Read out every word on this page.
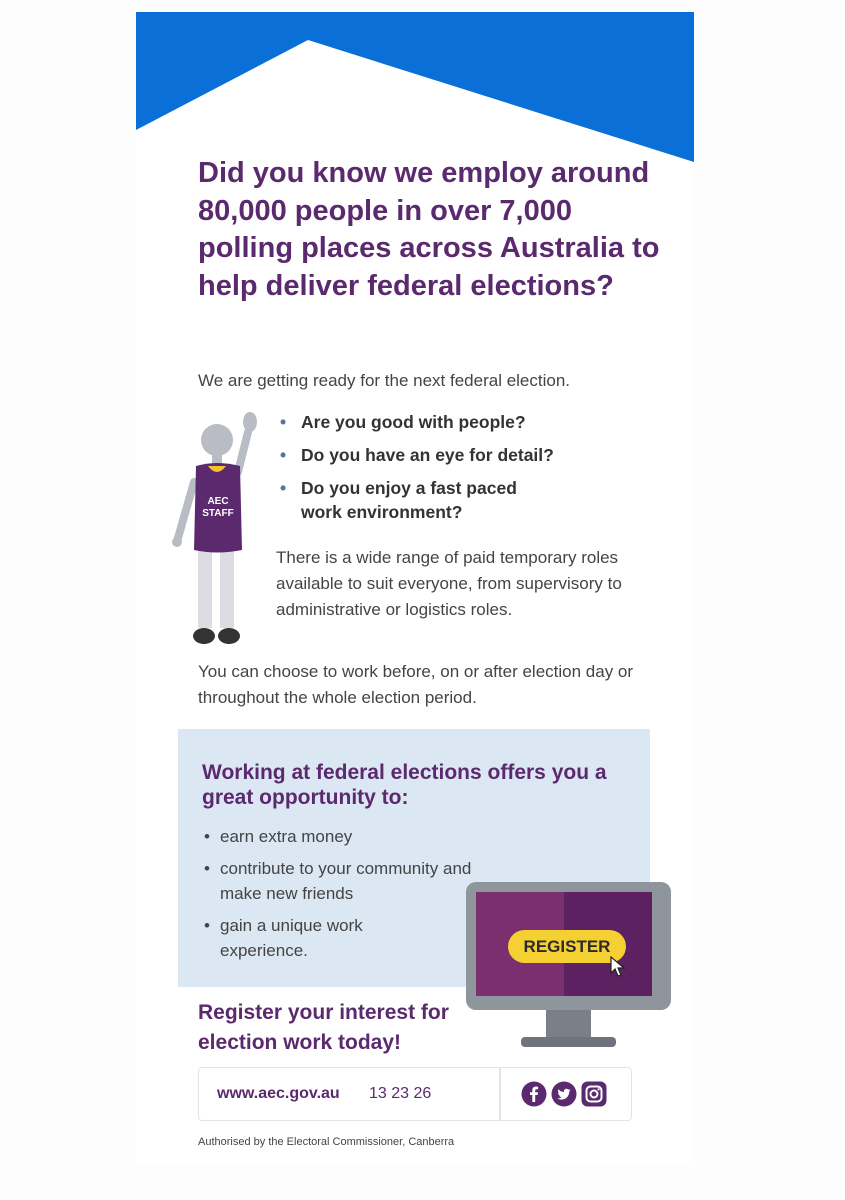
Did you know we employ around 80,000 people in over 7,000 polling places across Australia to help deliver federal elections?

We are getting ready for the next federal election.

AEC
STAFF
• Are you good with people?
• Do you have an eye for detail?
• Do you enjoy a fast paced work environment?

There is a wide range of paid temporary roles available to suit everyone, from supervisory to administrative or logistics roles.

You can choose to work before, on or after election day or throughout the whole election period.

Working at federal elections offers you a great opportunity to:
• earn extra money
• contribute to your community and make new friends
• gain a unique work experience.	REGISTER
Register your interest for election work today!
www.aec.gov.au 13 23 26

Authorised by the Electoral Commissioner, Canberra
